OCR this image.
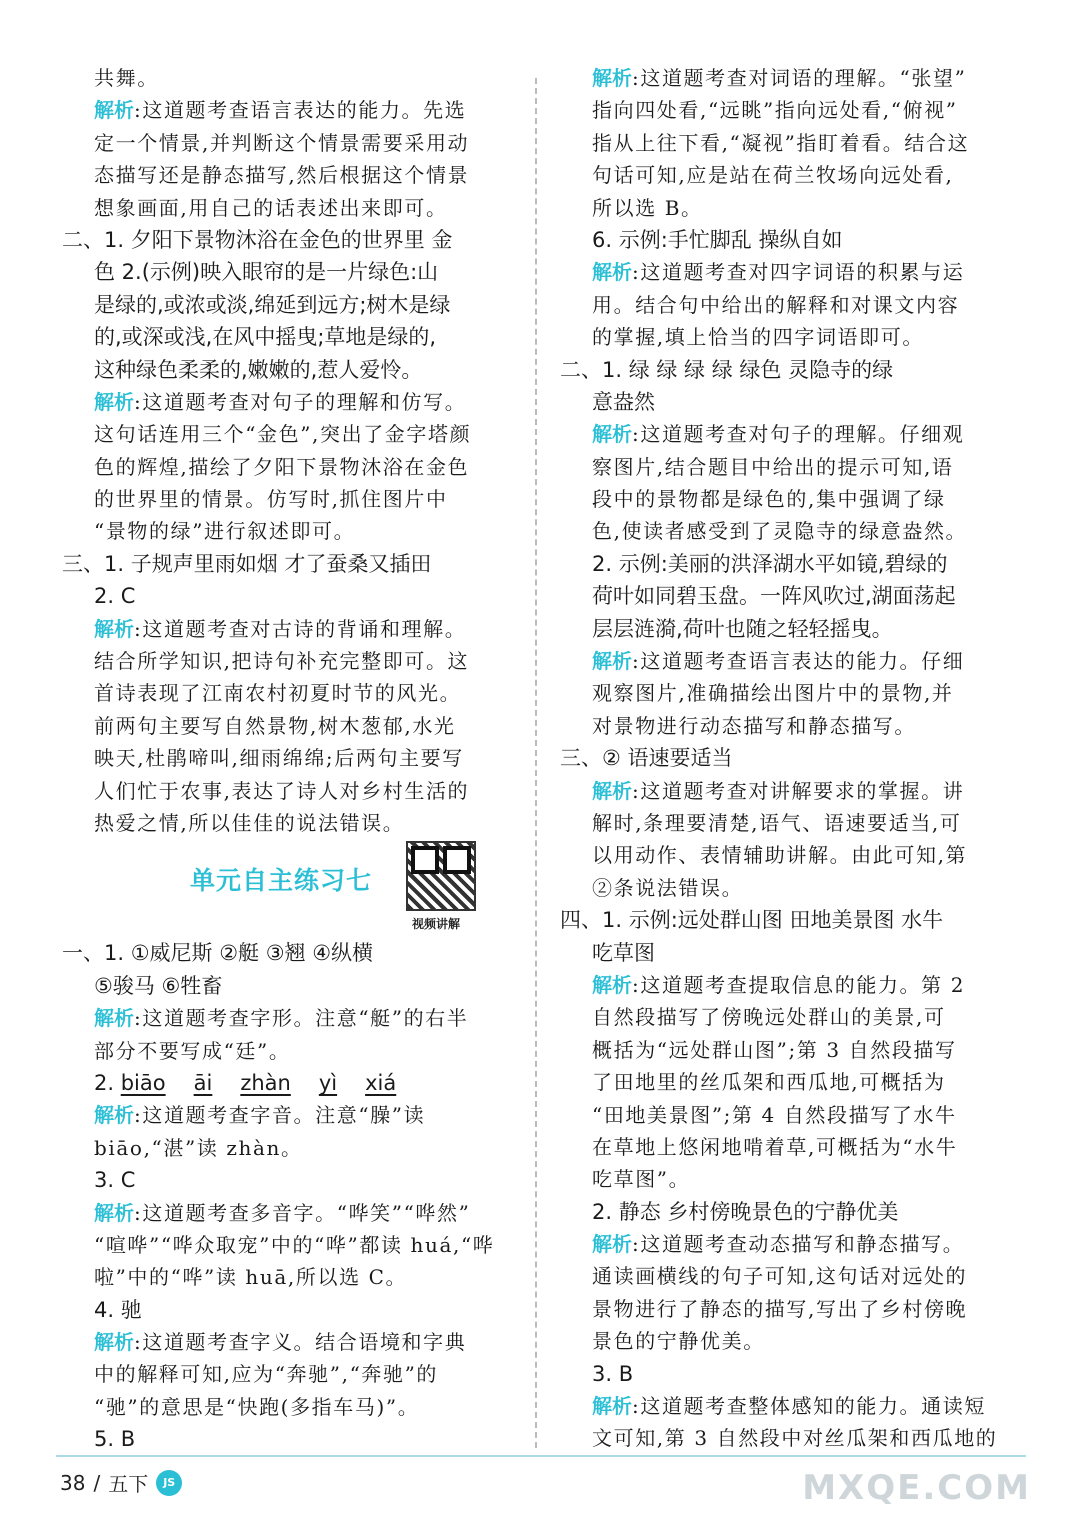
共舞。
解析:这道题考查语言表达的能力。先选
定一个情景,并判断这个情景需要采用动
态描写还是静态描写,然后根据这个情景
想象画面,用自己的话表述出来即可。
二、1. 夕阳下景物沐浴在金色的世界里 金
色 2.(示例)映入眼帘的是一片绿色:山
是绿的,或浓或淡,绵延到远方;树木是绿
的,或深或浅,在风中摇曳;草地是绿的,
这种绿色柔柔的,嫩嫩的,惹人爱怜。
解析:这道题考查对句子的理解和仿写。
这句话连用三个“金色”,突出了金字塔颜
色的辉煌,描绘了夕阳下景物沐浴在金色
的世界里的情景。仿写时,抓住图片中
“景物的绿”进行叙述即可。
三、1. 子规声里雨如烟 才了蚕桑又插田
2. C
解析:这道题考查对古诗的背诵和理解。
结合所学知识,把诗句补充完整即可。这
首诗表现了江南农村初夏时节的风光。
前两句主要写自然景物,树木葱郁,水光
映天,杜鹃啼叫,细雨绵绵;后两句主要写
人们忙于农事,表达了诗人对乡村生活的
热爱之情,所以佳佳的说法错误。
单元自主练习七
视频讲解
一、1. ①威尼斯 ②艇 ③翘 ④纵横
⑤骏马 ⑥牲畜
解析:这道题考查字形。注意“艇”的右半
部分不要写成“廷”。
2. biāo āi zhàn yì xiá
解析:这道题考查字音。注意“臊”读
biāo,“湛”读 zhàn。
3. C
解析:这道题考查多音字。“哗笑”“哗然”
“喧哗”“哗众取宠”中的“哗”都读 huá,“哗
啦”中的“哗”读 huā,所以选 C。
4. 驰
解析:这道题考查字义。结合语境和字典
中的解释可知,应为“奔驰”,“奔驰”的
“驰”的意思是“快跑(多指车马)”。
5. B
解析:这道题考查对词语的理解。“张望”
指向四处看,“远眺”指向远处看,“俯视”
指从上往下看,“凝视”指盯着看。结合这
句话可知,应是站在荷兰牧场向远处看,
所以选 B。
6. 示例:手忙脚乱 操纵自如
解析:这道题考查对四字词语的积累与运
用。结合句中给出的解释和对课文内容
的掌握,填上恰当的四字词语即可。
二、1. 绿 绿 绿 绿 绿色 灵隐寺的绿
意盎然
解析:这道题考查对句子的理解。仔细观
察图片,结合题目中给出的提示可知,语
段中的景物都是绿色的,集中强调了绿
色,使读者感受到了灵隐寺的绿意盎然。
2. 示例:美丽的洪泽湖水平如镜,碧绿的
荷叶如同碧玉盘。一阵风吹过,湖面荡起
层层涟漪,荷叶也随之轻轻摇曳。
解析:这道题考查语言表达的能力。仔细
观察图片,准确描绘出图片中的景物,并
对景物进行动态描写和静态描写。
三、② 语速要适当
解析:这道题考查对讲解要求的掌握。讲
解时,条理要清楚,语气、语速要适当,可
以用动作、表情辅助讲解。由此可知,第
②条说法错误。
四、1. 示例:远处群山图 田地美景图 水牛
吃草图
解析:这道题考查提取信息的能力。第 2
自然段描写了傍晚远处群山的美景,可
概括为“远处群山图”;第 3 自然段描写
了田地里的丝瓜架和西瓜地,可概括为
“田地美景图”;第 4 自然段描写了水牛
在草地上悠闲地啃着草,可概括为“水牛
吃草图”。
2. 静态 乡村傍晚景色的宁静优美
解析:这道题考查动态描写和静态描写。
通读画横线的句子可知,这句话对远处的
景物进行了静态的描写,写出了乡村傍晚
景色的宁静优美。
3. B
解析:这道题考查整体感知的能力。通读短
文可知,第 3 自然段中对丝瓜架和西瓜地的
38 / 五下	JS	MXQE.COM
